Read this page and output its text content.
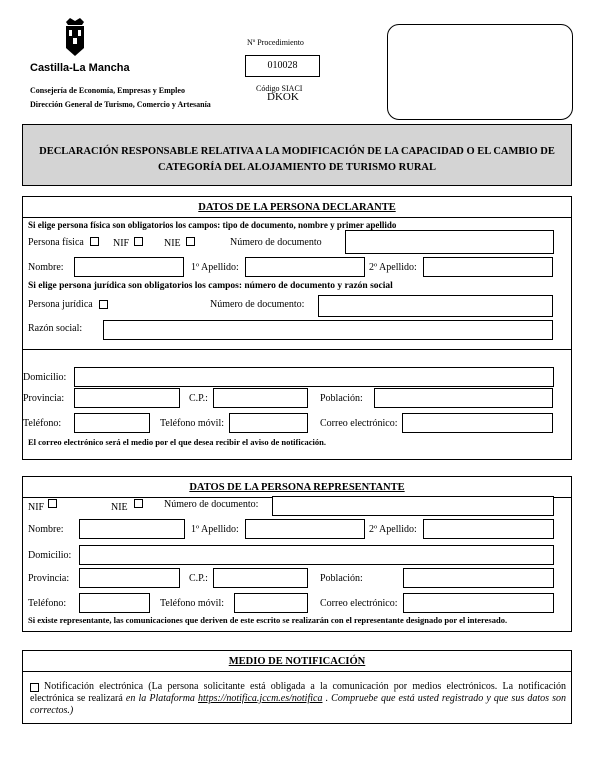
Castilla-La Mancha
Consejería de Economía, Empresas y Empleo
Dirección General de Turismo, Comercio y Artesanía
Nº Procedimiento
010028
Código SIACI
DKOK
DECLARACIÓN RESPONSABLE RELATIVA A LA MODIFICACIÓN DE LA CAPACIDAD O EL CAMBIO DE CATEGORÍA DEL ALOJAMIENTO DE TURISMO RURAL
DATOS DE LA PERSONA DECLARANTE
Si elige persona física son obligatorios los campos: tipo de documento, nombre y primer apellido
Persona física	NIF	NIE	Número de documento
Nombre:	1º Apellido:	2º Apellido:
Si elige persona jurídica son obligatorios los campos: número de documento y razón social
Persona jurídica	Número de documento:
Razón social:
Domicilio:
Provincia:	C.P.:	Población:
Teléfono:	Teléfono móvil:	Correo electrónico:
El correo electrónico será el medio por el que desea recibir el aviso de notificación.
DATOS DE LA PERSONA REPRESENTANTE
NIF	NIE	Número de documento:
Nombre:	1º Apellido:	2º Apellido:
Domicilio:
Provincia:	C.P.:	Población:
Teléfono:	Teléfono móvil:	Correo electrónico:
Si existe representante, las comunicaciones que deriven de este escrito se realizarán con el representante designado por el interesado.
MEDIO DE NOTIFICACIÓN
Notificación electrónica (La persona solicitante está obligada a la comunicación por medios electrónicos. La notificación electrónica se realizará en la Plataforma https://notifica.jccm.es/notifica . Compruebe que está usted registrado y que sus datos son correctos.)
